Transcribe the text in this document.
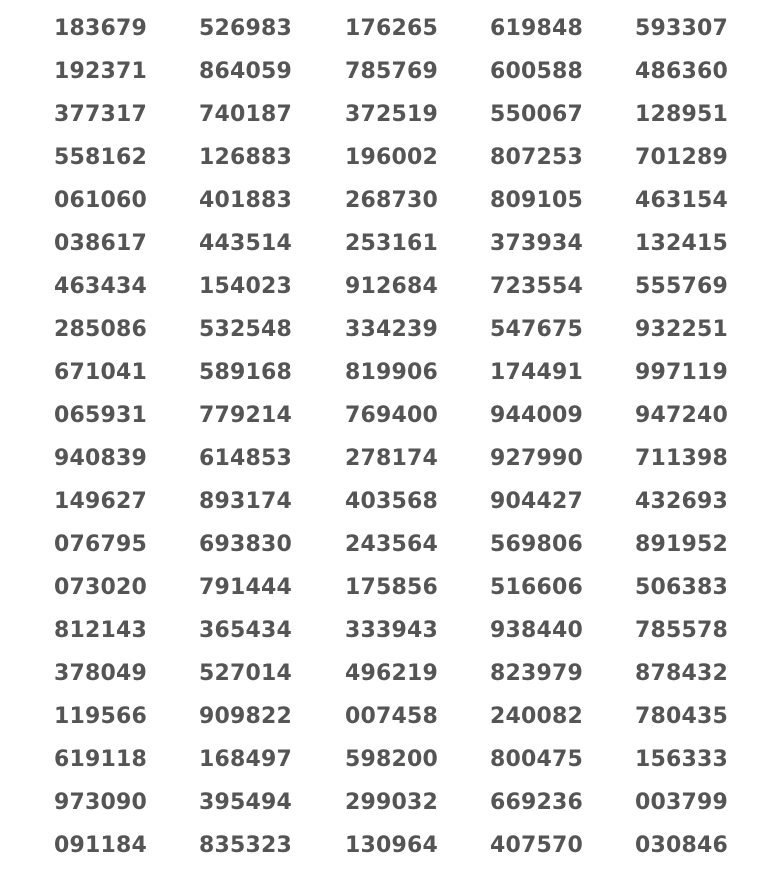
183679	526983	176265	619848	593307
192371	864059	785769	600588	486360
377317	740187	372519	550067	128951
558162	126883	196002	807253	701289
061060	401883	268730	809105	463154
038617	443514	253161	373934	132415
463434	154023	912684	723554	555769
285086	532548	334239	547675	932251
671041	589168	819906	174491	997119
065931	779214	769400	944009	947240
940839	614853	278174	927990	711398
149627	893174	403568	904427	432693
076795	693830	243564	569806	891952
073020	791444	175856	516606	506383
812143	365434	333943	938440	785578
378049	527014	496219	823979	878432
119566	909822	007458	240082	780435
619118	168497	598200	800475	156333
973090	395494	299032	669236	003799
091184	835323	130964	407570	030846
